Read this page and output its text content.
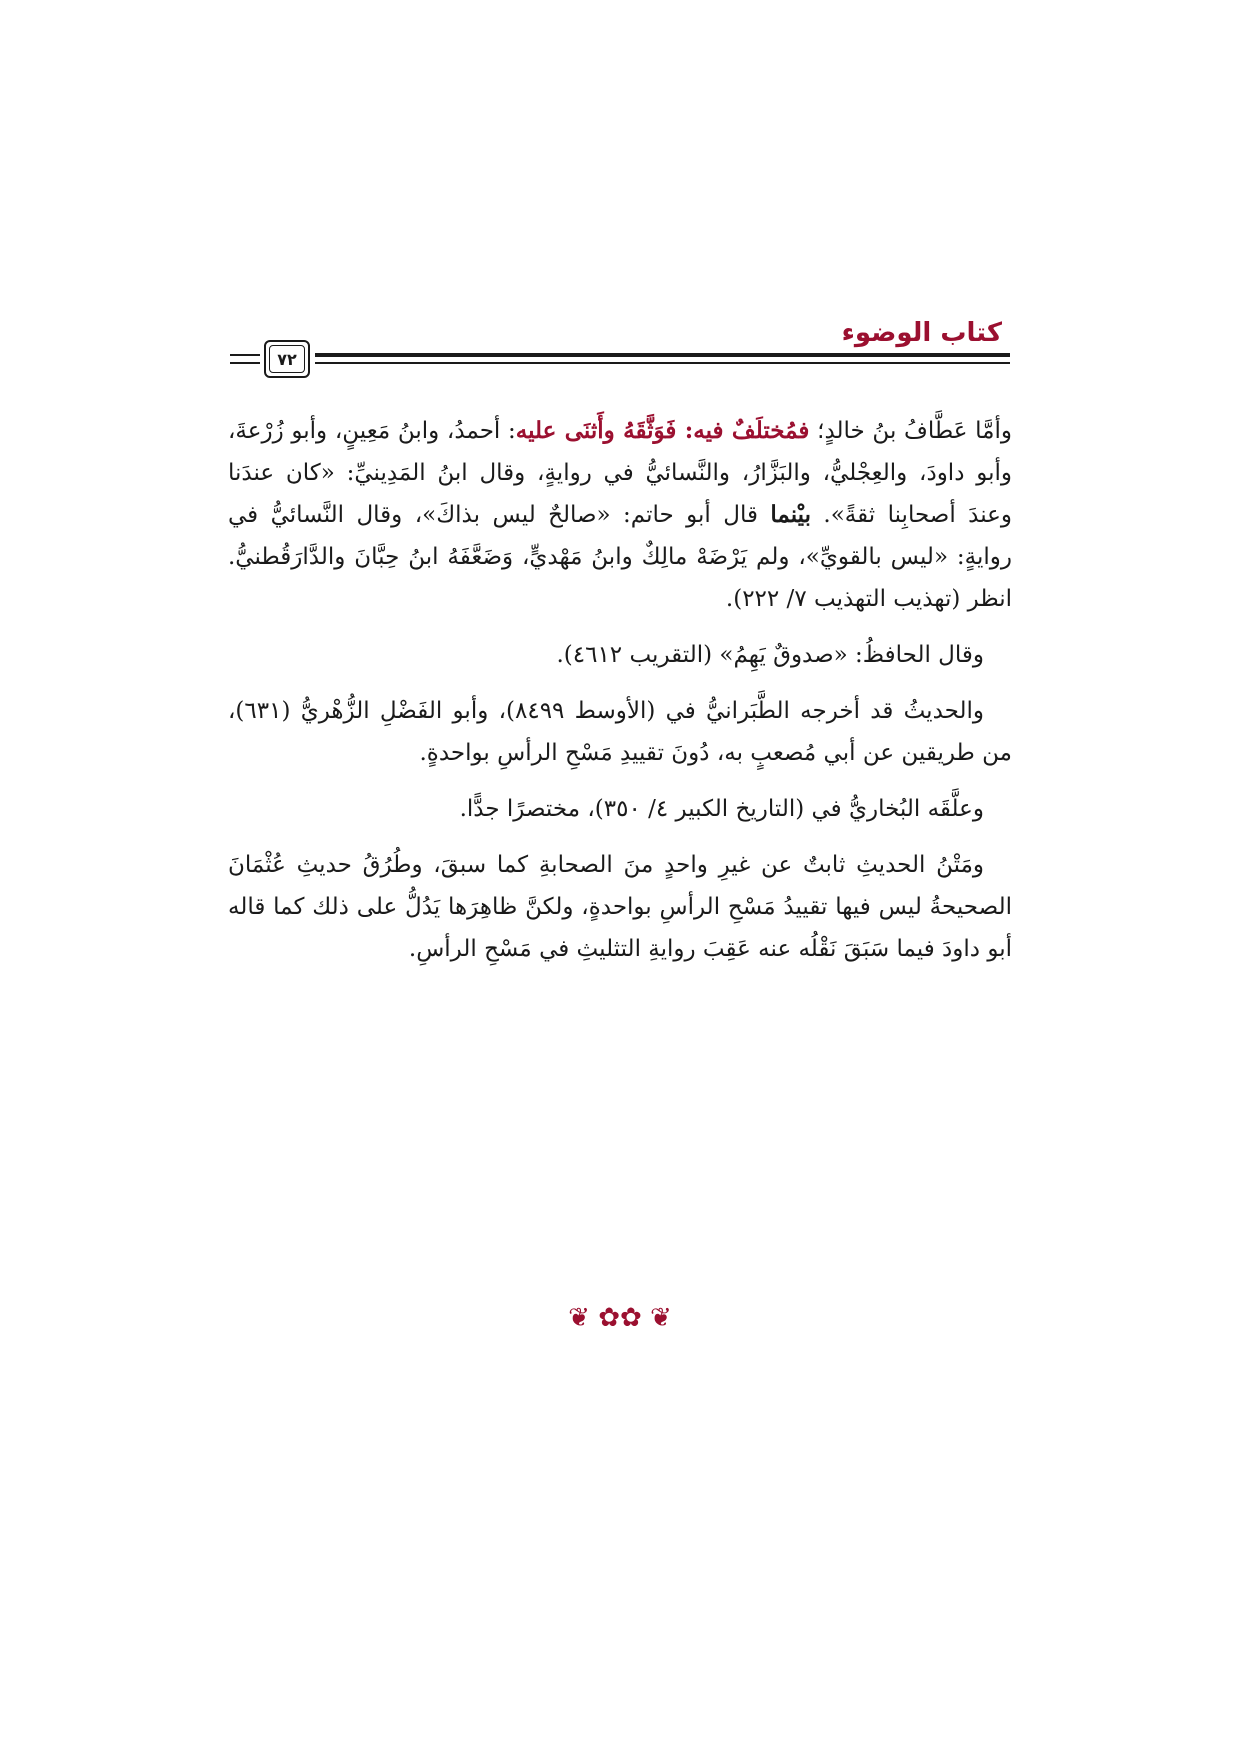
كتاب الوضوء
٧٢

وأمَّا عَطَّافُ بنُ خالدٍ؛ فمُختلَفٌ فيه: فَوَثَّقَهُ وأَثنَى عليه: أحمدُ، وابنُ مَعِينٍ، وأبو زُرْعةَ، وأبو داودَ، والعِجْليُّ، والبَزَّارُ، والنَّسائيُّ في روايةٍ، وقال ابنُ المَدِينيِّ: «كان عندَنا وعندَ أصحابِنا ثقةً». بيْنما قال أبو حاتم: «صالحٌ ليس بذاكَ»، وقال النَّسائيُّ في روايةٍ: «ليس بالقويِّ»، ولم يَرْضَهْ مالِكٌ وابنُ مَهْديٍّ، وَضَعَّفَهُ ابنُ حِبَّانَ والدَّارَقُطنيُّ. انظر (تهذيب التهذيب ٧/ ٢٢٢).

وقال الحافظُ: «صدوقٌ يَهِمُ» (التقريب ٤٦١٢).

والحديثُ قد أخرجه الطَّبَرانيُّ في (الأوسط ٨٤٩٩)، وأبو الفَضْلِ الزُّهْريُّ (٦٣١)، من طريقين عن أبي مُصعبٍ به، دُونَ تقييدِ مَسْحِ الرأسِ بواحدةٍ.

وعلَّقَه البُخاريُّ في (التاريخ الكبير ٤/ ٣٥٠)، مختصرًا جدًّا.

ومَتْنُ الحديثِ ثابتٌ عن غيرِ واحدٍ منَ الصحابةِ كما سبقَ، وطُرُقُ حديثِ عُثْمَانَ الصحيحةُ ليس فيها تقييدُ مَسْحِ الرأسِ بواحدةٍ، ولكنَّ ظاهِرَها يَدُلُّ على ذلك كما قاله أبو داودَ فيما سَبَقَ نَقْلُه عنه عَقِبَ روايةِ التثليثِ في مَسْحِ الرأسِ.

❦ ✿✿ ❦
